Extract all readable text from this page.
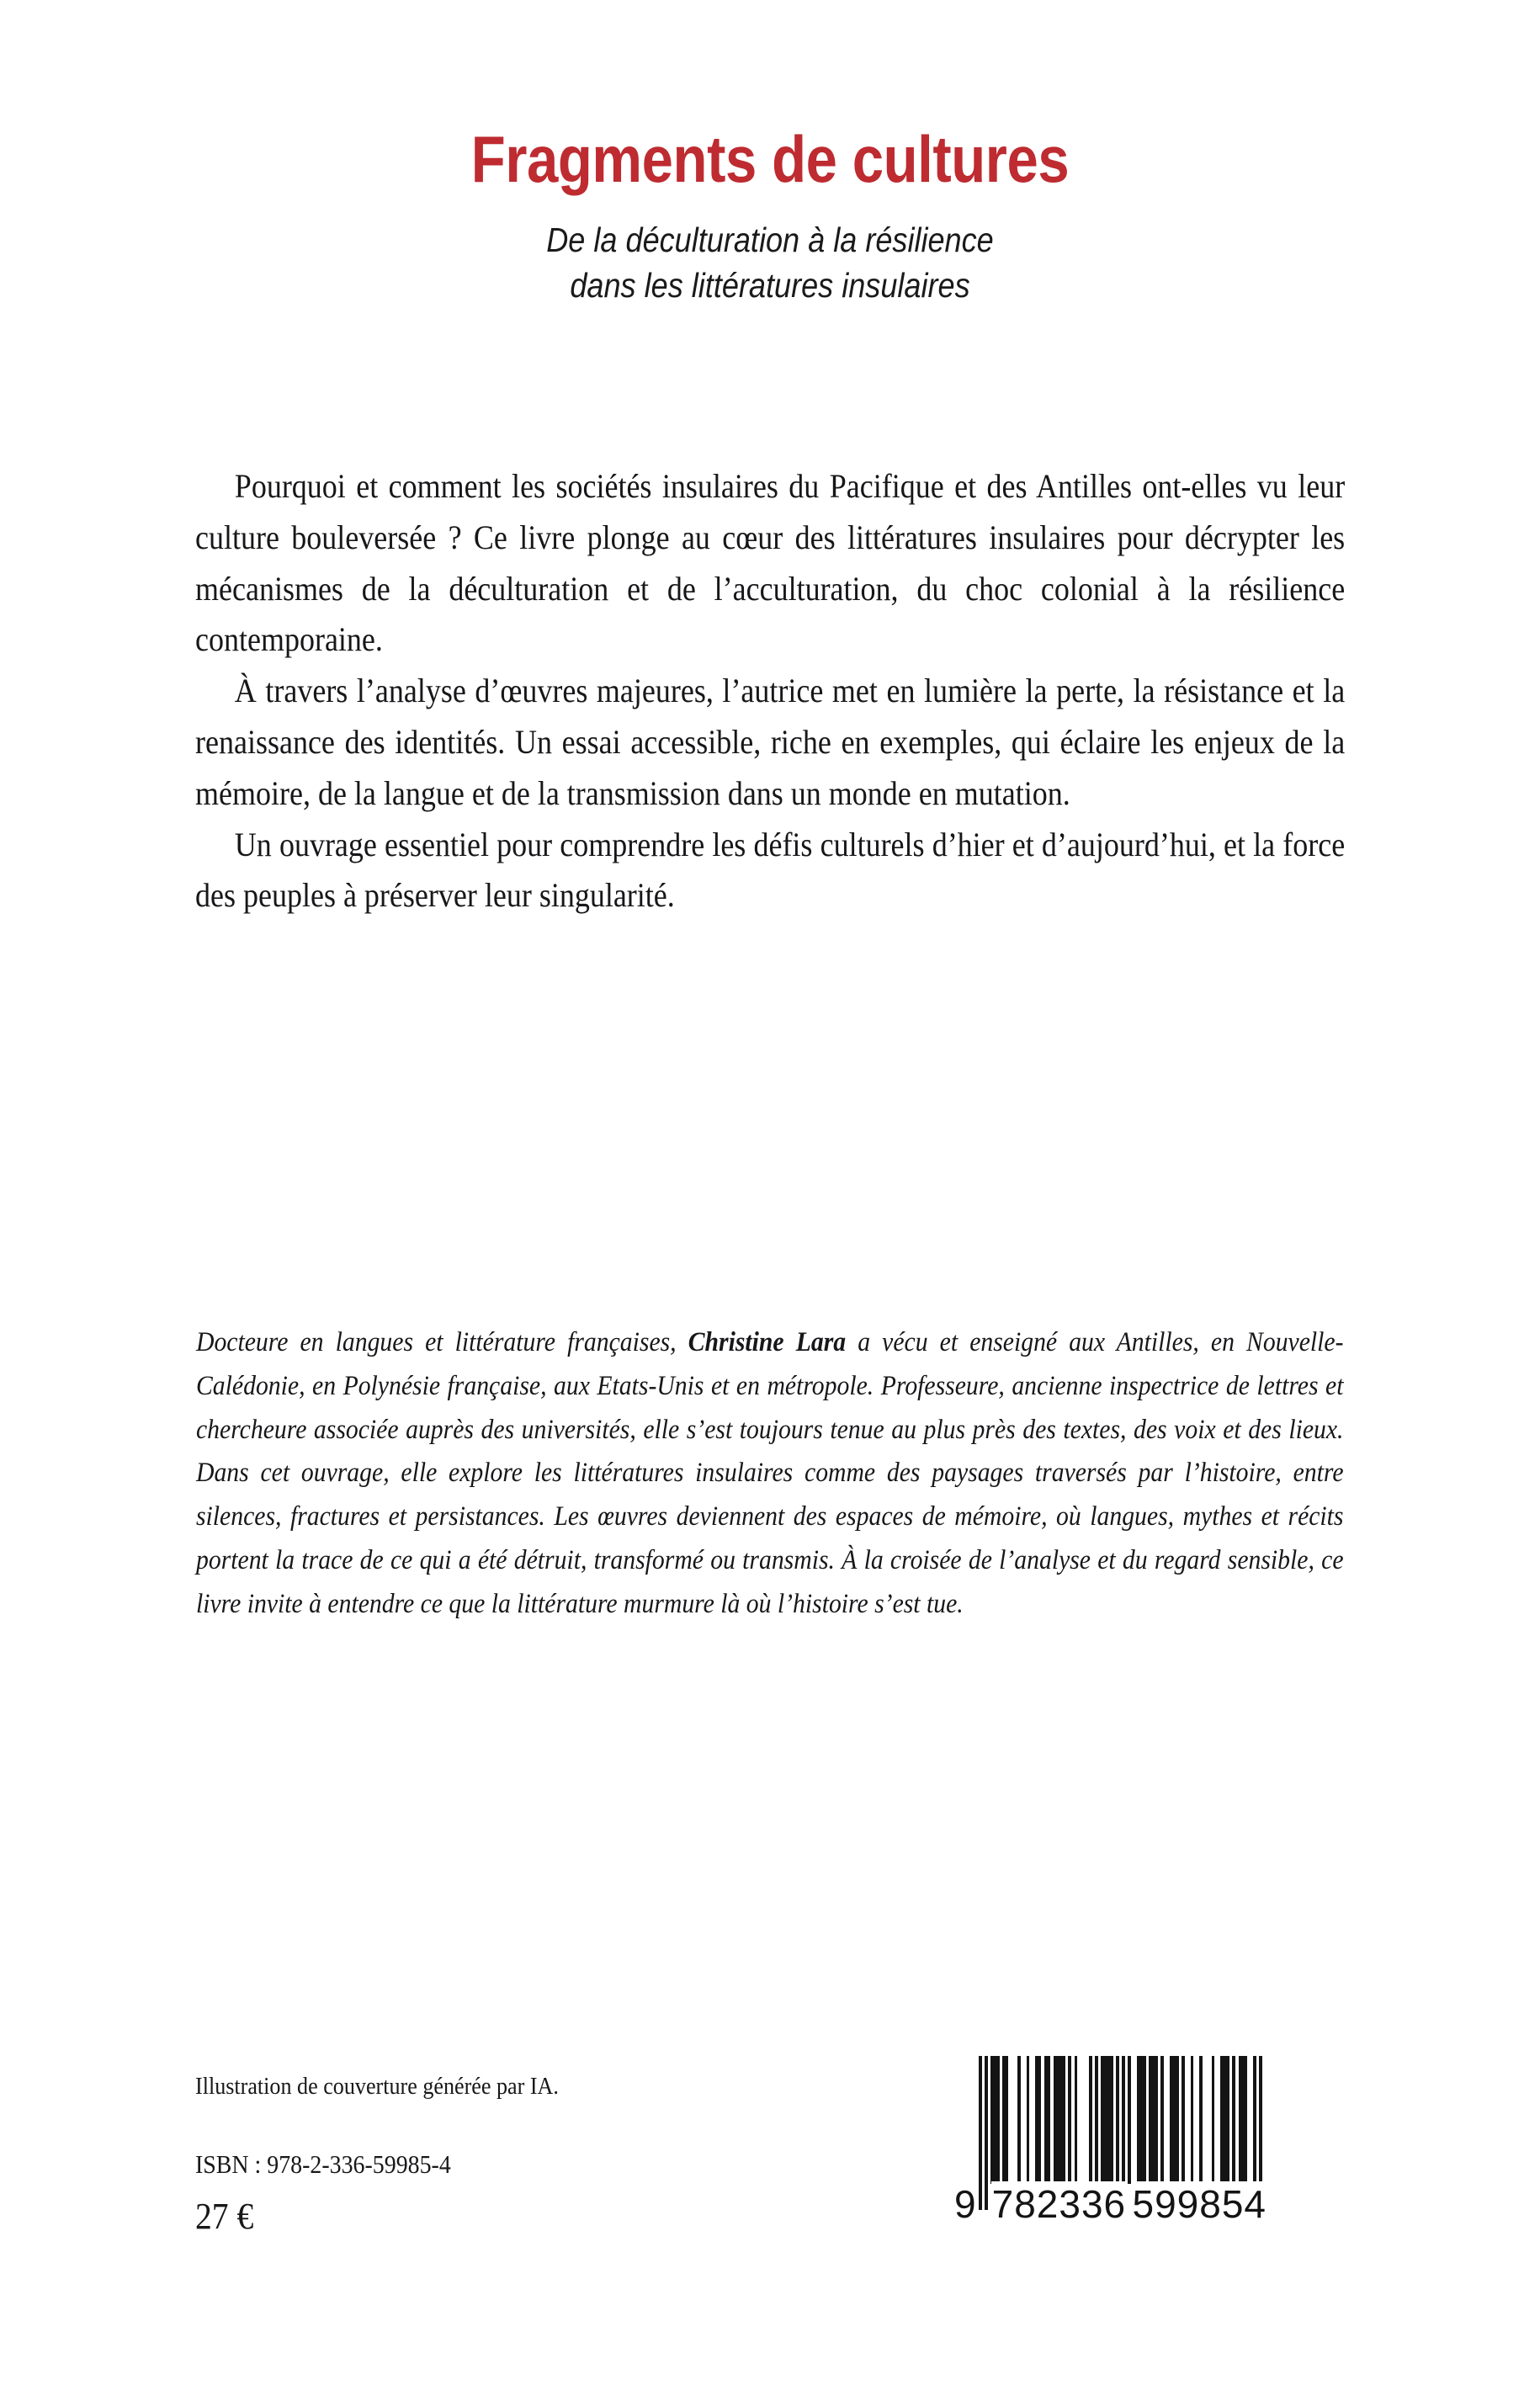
Fragments de cultures
De la déculturation à la résilience
dans les littératures insulaires

Pourquoi et comment les sociétés insulaires du Pacifique et des Antilles ont-elles vu leur culture bouleversée ? Ce livre plonge au cœur des littératures insulaires pour décrypter les mécanismes de la déculturation et de l’acculturation, du choc colonial à la résilience contemporaine.

À travers l’analyse d’œuvres majeures, l’autrice met en lumière la perte, la résistance et la renaissance des identités. Un essai accessible, riche en exemples, qui éclaire les enjeux de la mémoire, de la langue et de la transmission dans un monde en mutation.

Un ouvrage essentiel pour comprendre les défis culturels d’hier et d’aujourd’hui, et la force des peuples à préserver leur singularité.

Docteure en langues et littérature françaises, Christine Lara a vécu et enseigné aux Antilles, en Nouvelle-Calédonie, en Polynésie française, aux Etats-Unis et en métropole. Professeure, ancienne inspectrice de lettres et chercheure associée auprès des universités, elle s’est toujours tenue au plus près des textes, des voix et des lieux. Dans cet ouvrage, elle explore les littératures insulaires comme des paysages traversés par l’histoire, entre silences, fractures et persistances. Les œuvres deviennent des espaces de mémoire, où langues, mythes et récits portent la trace de ce qui a été détruit, transformé ou transmis. À la croisée de l’analyse et du regard sensible, ce livre invite à entendre ce que la littérature murmure là où l’histoire s’est tue.

Illustration de couverture générée par IA.
ISBN : 978-2-336-59985-4
27 €	9 782336 599854
